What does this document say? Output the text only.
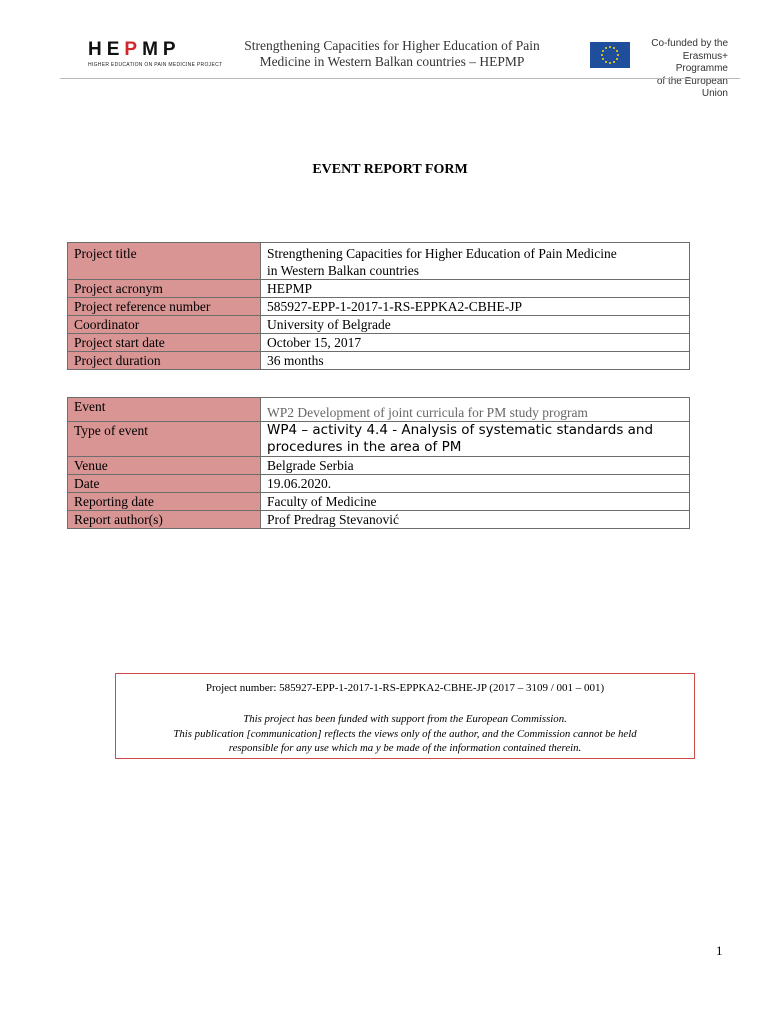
HEPMP
HIGHER EDUCATION ON PAIN MEDICINE PROJECT
Strengthening Capacities for Higher Education of Pain
Medicine in Western Balkan countries – HEPMP
Co-funded by the
Erasmus+ Programme
of the European Union
EVENT REPORT FORM
Project title	Strengthening Capacities for Higher Education of Pain Medicine
in Western Balkan countries

Project acronym	HEPMP
Project reference number	585927-EPP-1-2017-1-RS-EPPKA2-CBHE-JP
Coordinator	University of Belgrade
Project start date	October 15, 2017
Project duration	36 months
Event	WP2 Development of joint curricula for PM study program
Type of event	WP4 – activity 4.4 - Analysis of systematic standards and procedures in the area of PM
Venue	Belgrade Serbia
Date	19.06.2020.
Reporting date	Faculty of Medicine
Report author(s)	Prof Predrag Stevanović
Project number: 585927-EPP-1-2017-1-RS-EPPKA2-CBHE-JP (2017 – 3109 / 001 – 001)
This project has been funded with support from the European Commission.
This publication [communication] reflects the views only of the author, and the Commission cannot be held
responsible for any use which ma y be made of the information contained therein.
1
